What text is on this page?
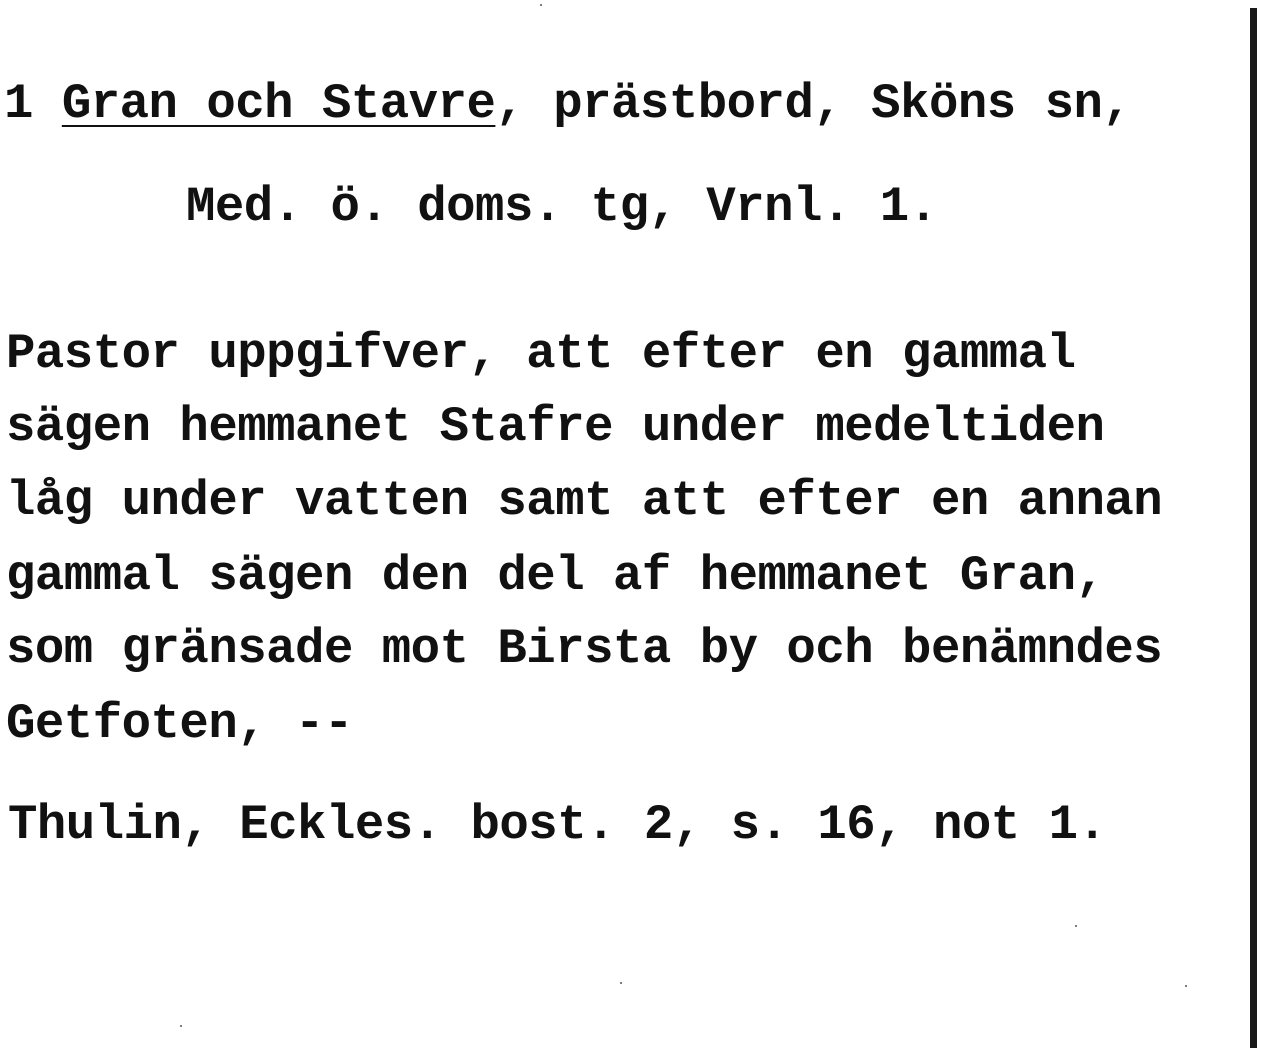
1 Gran och Stavre, prästbord, Sköns sn,
Med. ö. doms. tg, Vrnl. 1.
Pastor uppgifver, att efter en gammal
sägen hemmanet Stafre under medeltiden
låg under vatten samt att efter en annan
gammal sägen den del af hemmanet Gran,
som gränsade mot Birsta by och benämndes
Getfoten, --
Thulin, Eckles. bost. 2, s. 16, not 1.
